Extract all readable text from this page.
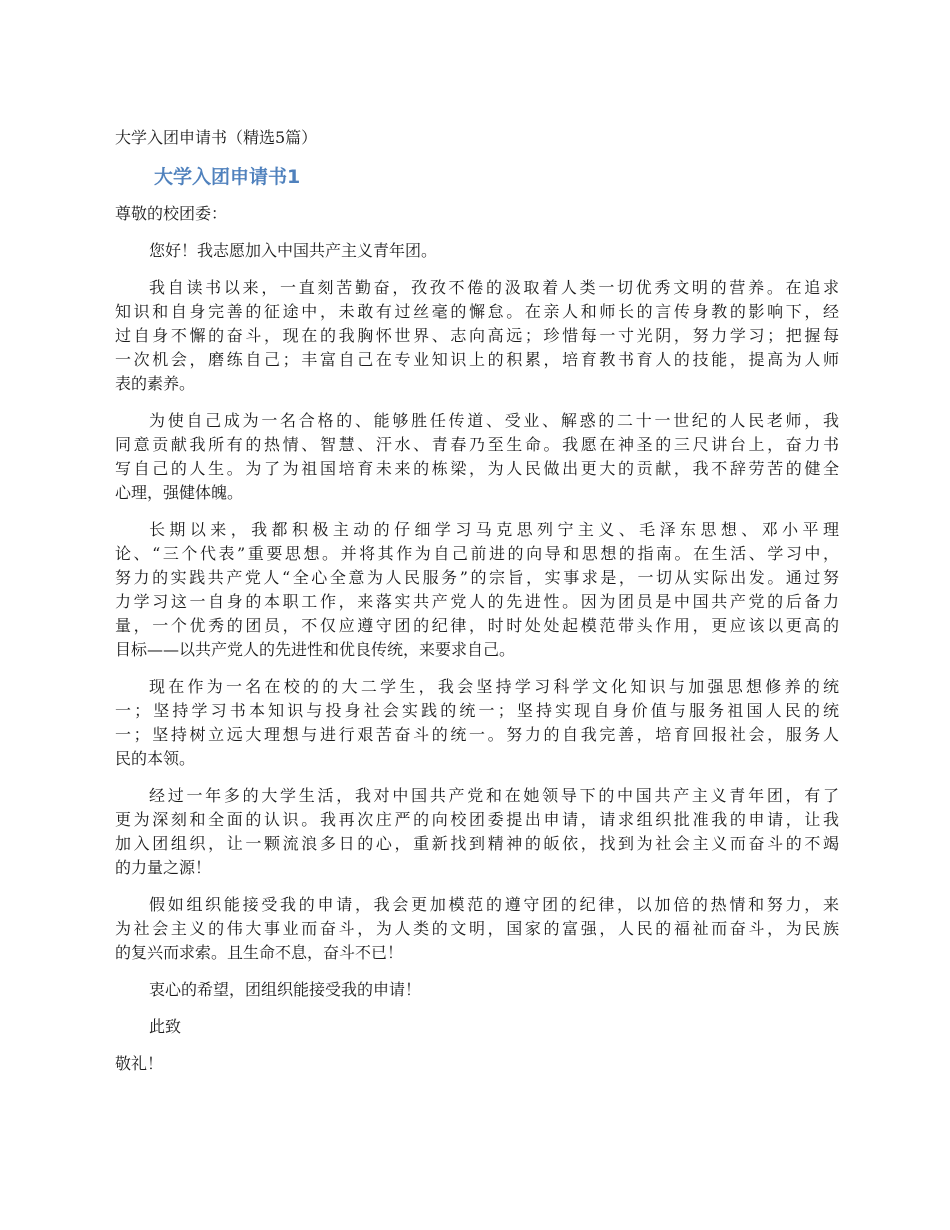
大学入团申请书（精选5篇）
大学入团申请书1
尊敬的校团委：
您好！我志愿加入中国共产主义青年团。
我自读书以来，一直刻苦勤奋，孜孜不倦的汲取着人类一切优秀文明的营养。在追求
知识和自身完善的征途中，未敢有过丝毫的懈怠。在亲人和师长的言传身教的影响下，经
过自身不懈的奋斗，现在的我胸怀世界、志向高远；珍惜每一寸光阴，努力学习；把握每
一次机会，磨练自己；丰富自己在专业知识上的积累，培育教书育人的技能，提高为人师
表的素养。
为使自己成为一名合格的、能够胜任传道、受业、解惑的二十一世纪的人民老师，我
同意贡献我所有的热情、智慧、汗水、青春乃至生命。我愿在神圣的三尺讲台上，奋力书
写自己的人生。为了为祖国培育未来的栋梁，为人民做出更大的贡献，我不辞劳苦的健全
心理，强健体魄。
长期以来，我都积极主动的仔细学习马克思列宁主义、毛泽东思想、邓小平理
论、“三个代表”重要思想。并将其作为自己前进的向导和思想的指南。在生活、学习中，
努力的实践共产党人“全心全意为人民服务”的宗旨，实事求是，一切从实际出发。通过努
力学习这一自身的本职工作，来落实共产党人的先进性。因为团员是中国共产党的后备力
量，一个优秀的团员，不仅应遵守团的纪律，时时处处起模范带头作用，更应该以更高的
目标——以共产党人的先进性和优良传统，来要求自己。
现在作为一名在校的的大二学生，我会坚持学习科学文化知识与加强思想修养的统
一；坚持学习书本知识与投身社会实践的统一；坚持实现自身价值与服务祖国人民的统
一；坚持树立远大理想与进行艰苦奋斗的统一。努力的自我完善，培育回报社会，服务人
民的本领。
经过一年多的大学生活，我对中国共产党和在她领导下的中国共产主义青年团，有了
更为深刻和全面的认识。我再次庄严的向校团委提出申请，请求组织批准我的申请，让我
加入团组织，让一颗流浪多日的心，重新找到精神的皈依，找到为社会主义而奋斗的不竭
的力量之源！
假如组织能接受我的申请，我会更加模范的遵守团的纪律，以加倍的热情和努力，来
为社会主义的伟大事业而奋斗，为人类的文明，国家的富强，人民的福祉而奋斗，为民族
的复兴而求索。且生命不息，奋斗不已！
衷心的希望，团组织能接受我的申请！
此致
敬礼！
